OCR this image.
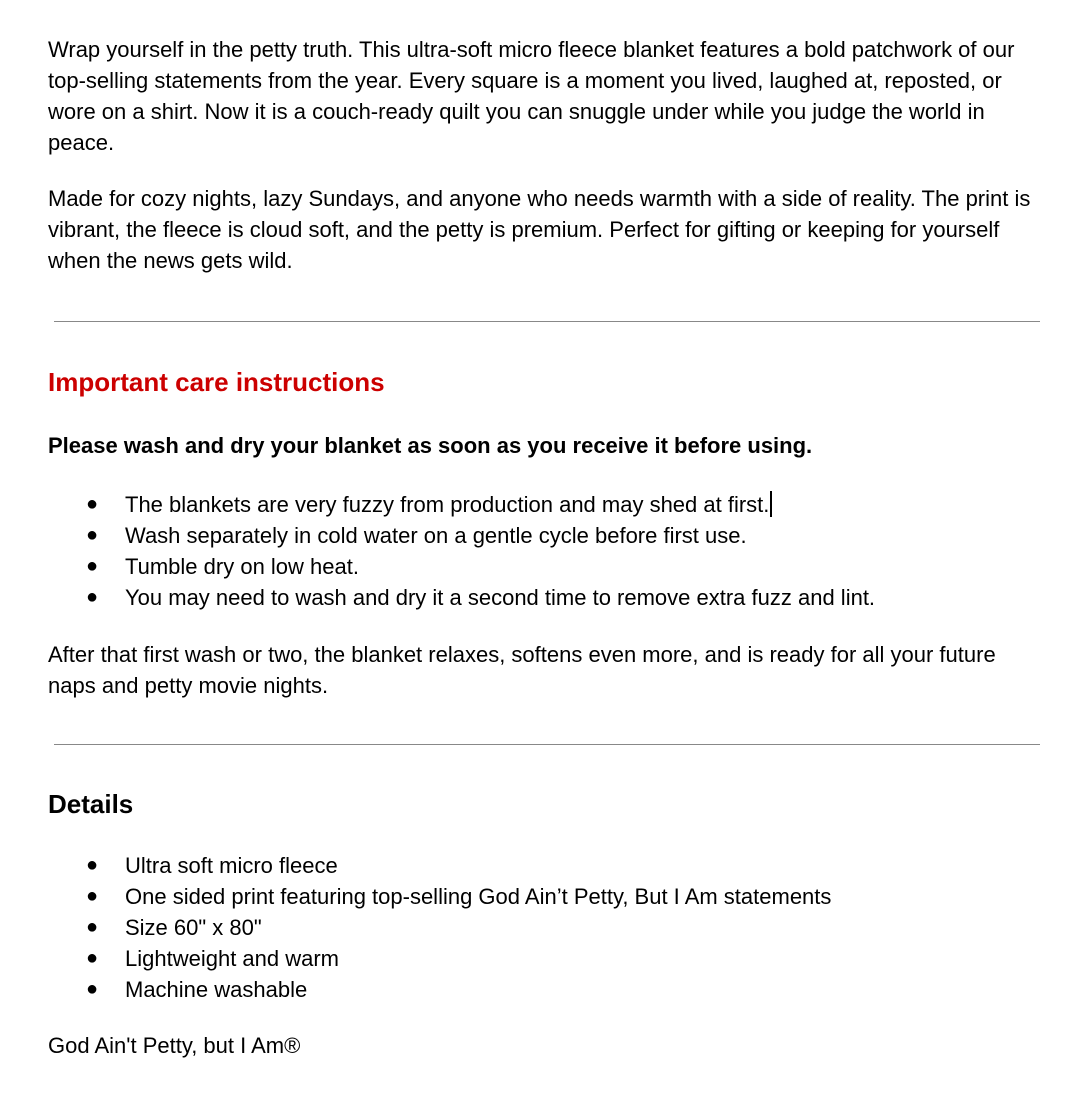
Wrap yourself in the petty truth. This ultra-soft micro fleece blanket features a bold patchwork of our top-selling statements from the year. Every square is a moment you lived, laughed at, reposted, or wore on a shirt. Now it is a couch-ready quilt you can snuggle under while you judge the world in peace.

Made for cozy nights, lazy Sundays, and anyone who needs warmth with a side of reality. The print is vibrant, the fleece is cloud soft, and the petty is premium. Perfect for gifting or keeping for yourself when the news gets wild.

Important care instructions
Please wash and dry your blanket as soon as you receive it before using.
● The blankets are very fuzzy from production and may shed at first.
● Wash separately in cold water on a gentle cycle before first use.
● Tumble dry on low heat.
● You may need to wash and dry it a second time to remove extra fuzz and lint.

After that first wash or two, the blanket relaxes, softens even more, and is ready for all your future naps and petty movie nights.

Details
● Ultra soft micro fleece
● One sided print featuring top-selling God Ain’t Petty, But I Am statements
● Size 60" x 80"
● Lightweight and warm
● Machine washable

God Ain't Petty, but I Am®
